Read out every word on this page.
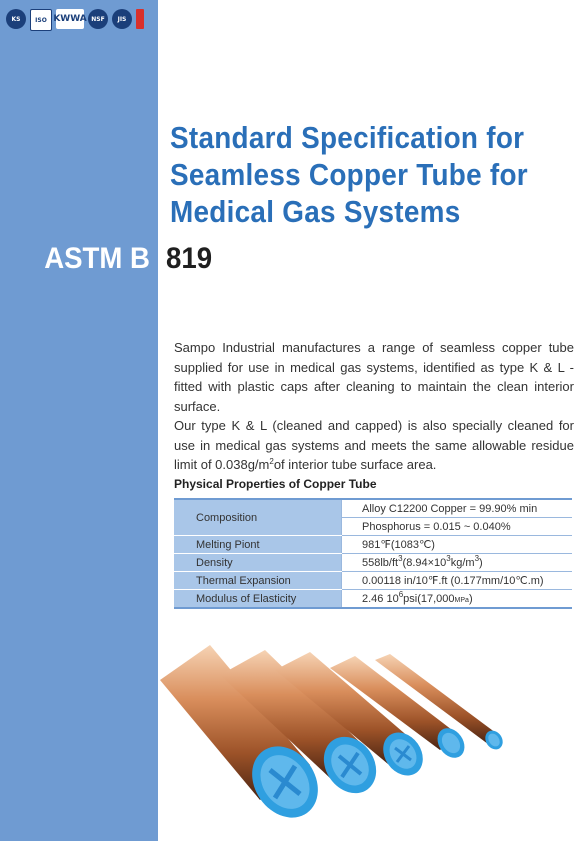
KS	ISO KWWA NSF	JIS
Standard Specification for
Seamless Copper Tube for
Medical Gas Systems
ASTM B 819

Sampo Industrial manufactures a range of seamless copper tube supplied for use in medical gas systems, identified as type K & L - fitted with plastic caps after cleaning to maintain the clean interior surface.

Our type K & L (cleaned and capped) is also specially cleaned for use in medical gas systems and meets the same allowable residue limit of $0.038g/m^2of$ interior tube surface area.

Physical Properties of Copper Tube
Composition	Alloy C12200 Copper = 99.90% min
	Phosphorus = 0.015 ~ 0.040%
Melting Piont	981℉(1083℃)
Density	$558lb/ft^3(8.94\times 10^3kg/m^3)$
Thermal Expansion	0.00118 in/10℉.ft (0.177mm/10℃.m)
Modulus of Elasticity	2.46 $10^6psi(17,000MPa)$
